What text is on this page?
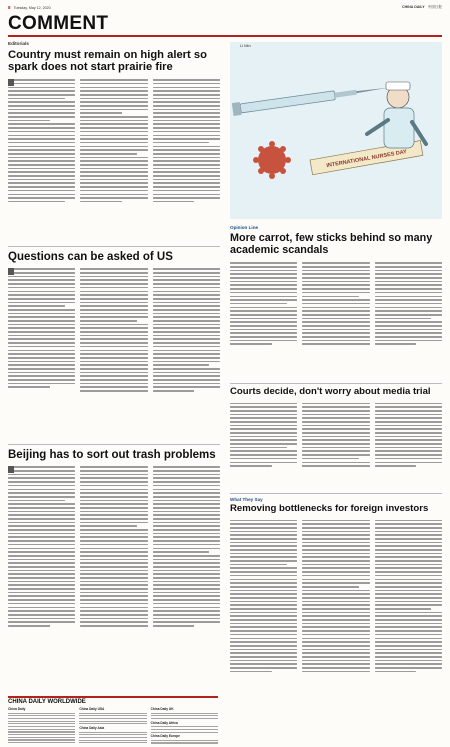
8 Tuesday, May 12, 2020	CHINA DAILY 中国日报
COMMENT
Editorials
Country must remain on high alert so spark does not start prairie fire
Questions can be asked of US
Beijing has to sort out trash problems
CHINA DAILY WORLDWIDE
China Daily	China Daily USA
China Daily Asia
China Daily UK
China Daily Africa
China Daily Europe
INTERNATIONAL NURSES DAY
Li Min
Opinion Line
More carrot, few sticks behind so many academic scandals
Courts decide, don't worry about media trial
What They Say
Removing bottlenecks for foreign investors
